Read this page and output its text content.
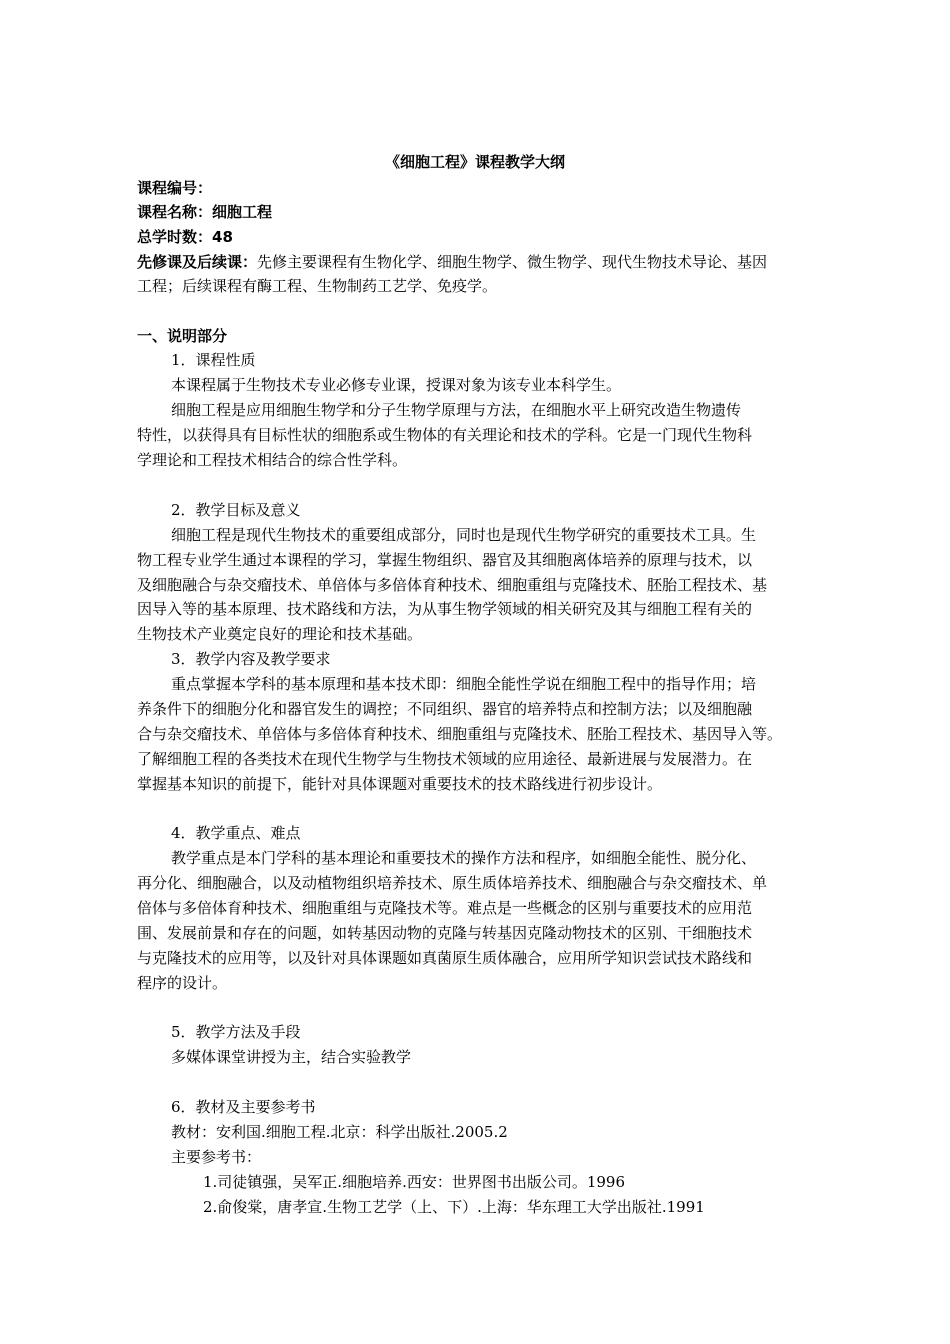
《细胞工程》课程教学大纲
课程编号：
课程名称：细胞工程
总学时数：48
先修课及后续课：先修主要课程有生物化学、细胞生物学、微生物学、现代生物技术导论、基因
工程；后续课程有酶工程、生物制药工艺学、免疫学。
一、说明部分
1．课程性质
本课程属于生物技术专业必修专业课，授课对象为该专业本科学生。
细胞工程是应用细胞生物学和分子生物学原理与方法，在细胞水平上研究改造生物遗传
特性，以获得具有目标性状的细胞系或生物体的有关理论和技术的学科。它是一门现代生物科
学理论和工程技术相结合的综合性学科。
2．教学目标及意义
细胞工程是现代生物技术的重要组成部分，同时也是现代生物学研究的重要技术工具。生
物工程专业学生通过本课程的学习，掌握生物组织、器官及其细胞离体培养的原理与技术，以
及细胞融合与杂交瘤技术、单倍体与多倍体育种技术、细胞重组与克隆技术、胚胎工程技术、基
因导入等的基本原理、技术路线和方法，为从事生物学领域的相关研究及其与细胞工程有关的
生物技术产业奠定良好的理论和技术基础。
3．教学内容及教学要求
重点掌握本学科的基本原理和基本技术即：细胞全能性学说在细胞工程中的指导作用；培
养条件下的细胞分化和器官发生的调控；不同组织、器官的培养特点和控制方法；以及细胞融
合与杂交瘤技术、单倍体与多倍体育种技术、细胞重组与克隆技术、胚胎工程技术、基因导入等。
了解细胞工程的各类技术在现代生物学与生物技术领域的应用途径、最新进展与发展潜力。在
掌握基本知识的前提下，能针对具体课题对重要技术的技术路线进行初步设计。
4．教学重点、难点
教学重点是本门学科的基本理论和重要技术的操作方法和程序，如细胞全能性、脱分化、
再分化、细胞融合，以及动植物组织培养技术、原生质体培养技术、细胞融合与杂交瘤技术、单
倍体与多倍体育种技术、细胞重组与克隆技术等。难点是一些概念的区别与重要技术的应用范
围、发展前景和存在的问题，如转基因动物的克隆与转基因克隆动物技术的区别、干细胞技术
与克隆技术的应用等，以及针对具体课题如真菌原生质体融合，应用所学知识尝试技术路线和
程序的设计。
5．教学方法及手段
多媒体课堂讲授为主，结合实验教学
6．教材及主要参考书
教材：安利国.细胞工程.北京：科学出版社.2005.2
主要参考书：
1.司徒镇强，吴军正.细胞培养.西安：世界图书出版公司。1996
2.俞俊棠，唐孝宣.生物工艺学（上、下）.上海：华东理工大学出版社.1991
